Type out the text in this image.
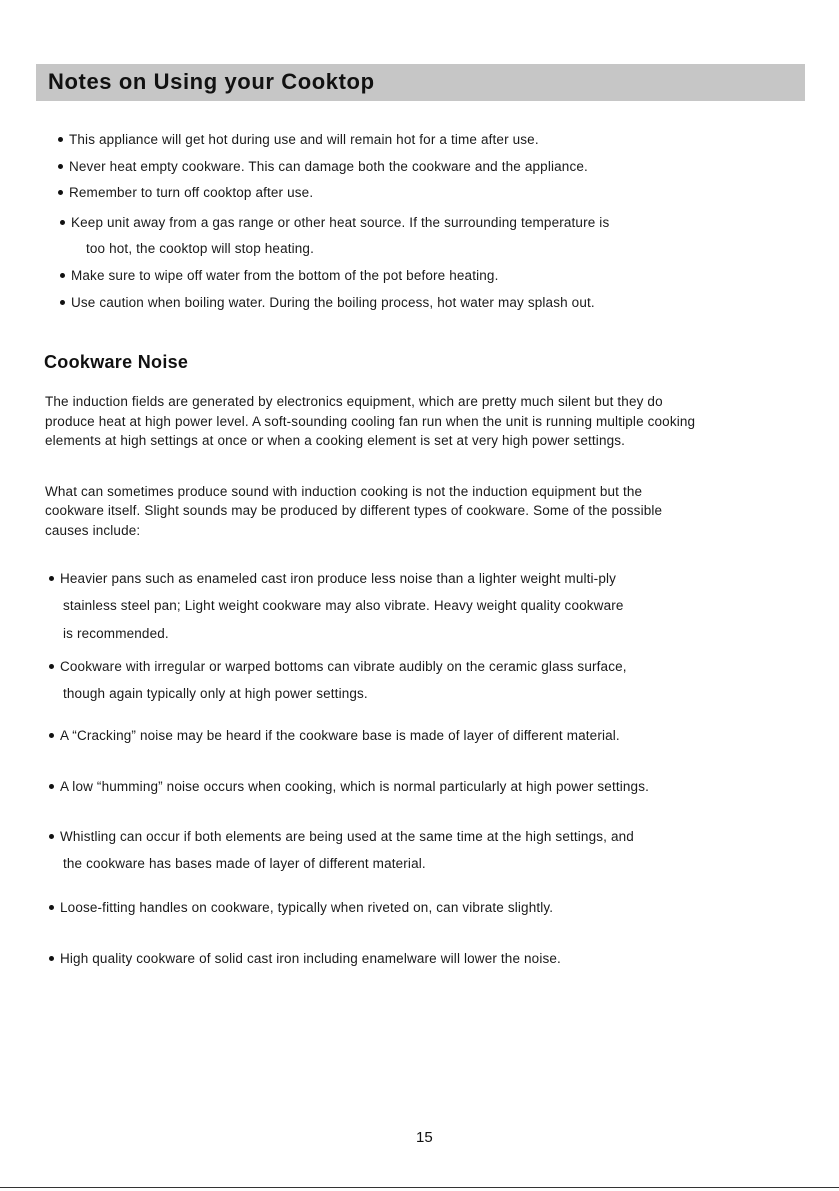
Notes on Using your Cooktop
This appliance will get hot during use and will remain hot for a time after use.
Never heat empty cookware. This can damage both the cookware and the appliance.
Remember to turn off cooktop after use.
Keep unit away from a gas range or other heat source. If the surrounding temperature is
too hot, the cooktop will stop heating.
Make sure to wipe off water from the bottom of the pot before heating.
Use caution when boiling water. During the boiling process, hot water may splash out.
Cookware Noise
The induction fields are generated by electronics equipment, which are pretty much silent but they do
produce heat at high power level. A soft-sounding cooling fan run when the unit is running multiple cooking
elements at high settings at once or when a cooking element is set at very high power settings.
What can sometimes produce sound with induction cooking is not the induction equipment but the
cookware itself. Slight sounds may be produced by different types of cookware. Some of the possible
causes include:
Heavier pans such as enameled cast iron produce less noise than a lighter weight multi-ply
stainless steel pan; Light weight cookware may also vibrate. Heavy weight quality cookware
is recommended.
Cookware with irregular or warped bottoms can vibrate audibly on the ceramic glass surface,
though again typically only at high power settings.
A “Cracking” noise may be heard if the cookware base is made of layer of different material.
A low “humming” noise occurs when cooking, which is normal particularly at high power settings.
Whistling can occur if both elements are being used at the same time at the high settings, and
the cookware has bases made of layer of different material.
Loose-fitting handles on cookware, typically when riveted on, can vibrate slightly.
High quality cookware of solid cast iron including enamelware will lower the noise.
15
